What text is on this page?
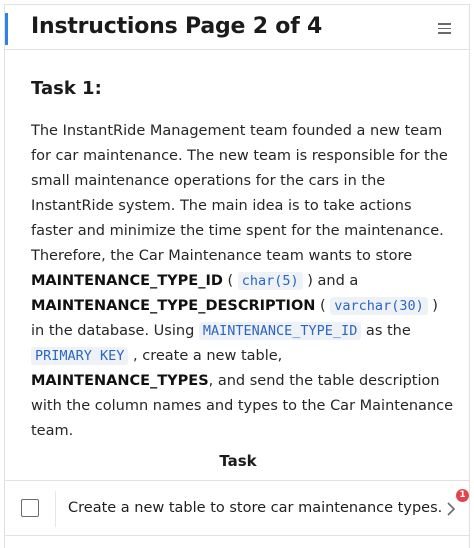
Instructions Page 2 of 4
Task 1:

The InstantRide Management team founded a new team for car maintenance. The new team is responsible for the small maintenance operations for the cars in the InstantRide system. The main idea is to take actions faster and minimize the time spent for the maintenance. Therefore, the Car Maintenance team wants to store MAINTENANCE_TYPE_ID ( char(5) ) and a MAINTENANCE_TYPE_DESCRIPTION ( varchar(30) ) in the database. Using MAINTENANCE_TYPE_ID as the PRIMARY KEY , create a new table, MAINTENANCE_TYPES, and send the table description with the column names and types to the Car Maintenance team.

Task
Create a new table to store car maintenance types.
1
